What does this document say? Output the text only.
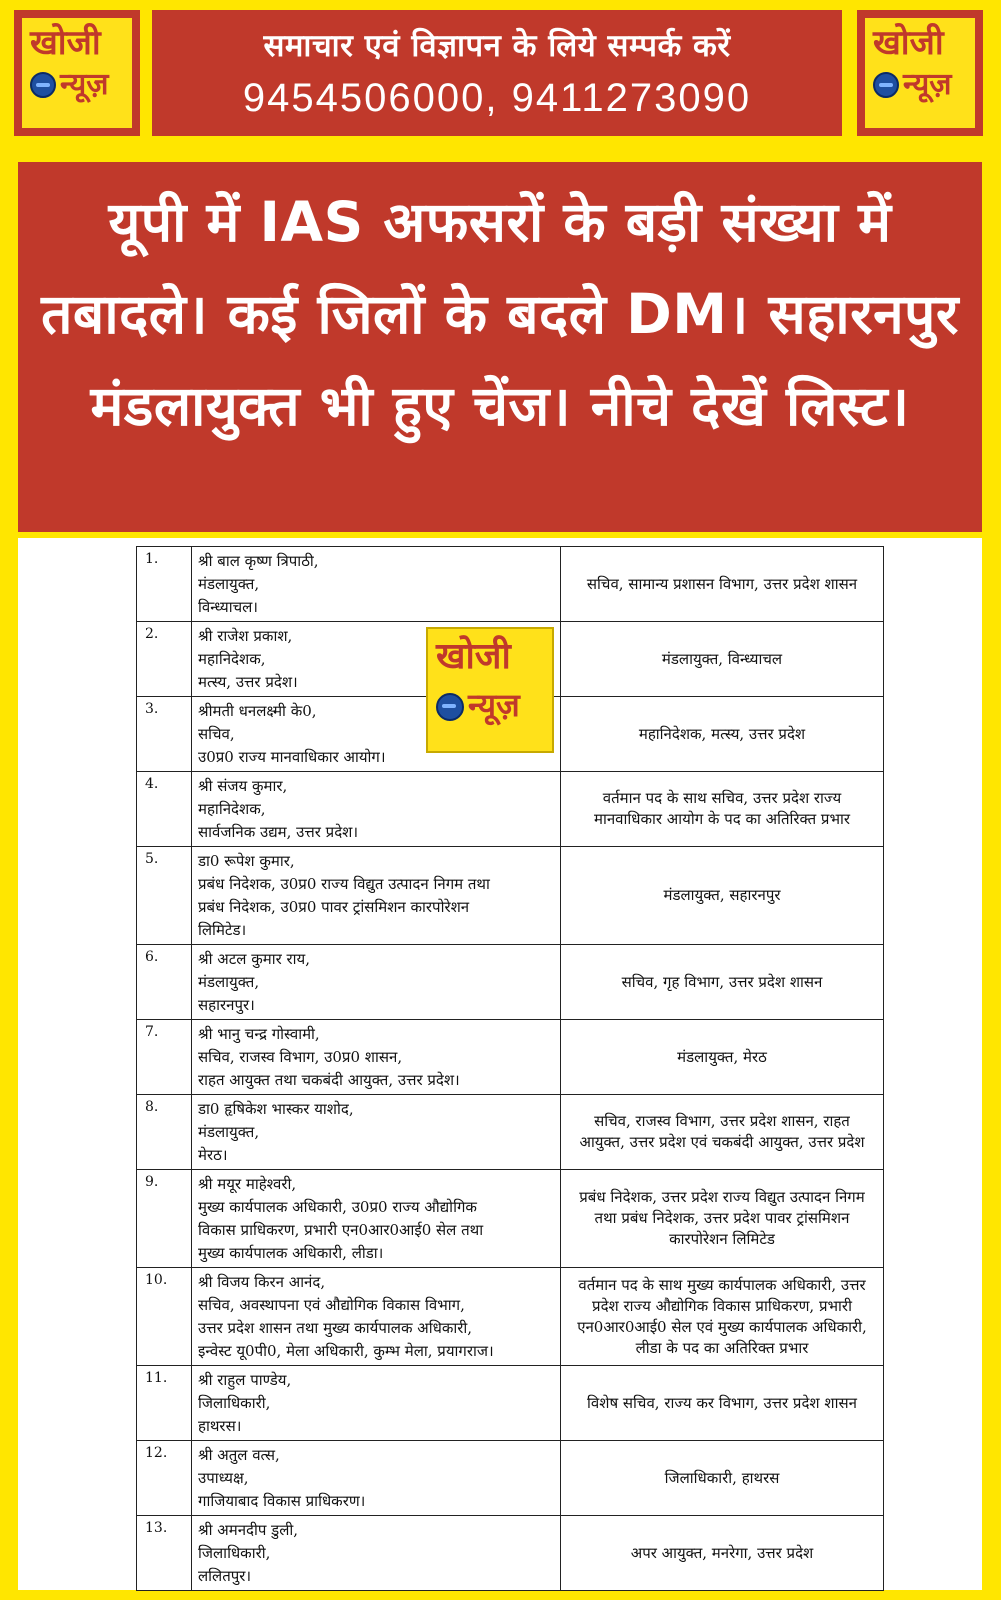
खोजी
न्यूज़
समाचार एवं विज्ञापन के लिये सम्पर्क करें
9454506000, 9411273090
खोजी
न्यूज़
यूपी में IAS अफसरों के बड़ी संख्या में तबादले। कई जिलों के बदले DM। सहारनपुर मंडलायुक्त भी हुए चेंज। नीचे देखें लिस्ट।
1.	श्री बाल कृष्ण त्रिपाठी,
मंडलायुक्त,
विन्ध्याचल।	सचिव, सामान्य प्रशासन विभाग, उत्तर प्रदेश शासन
2.	श्री राजेश प्रकाश,
महानिदेशक,
मत्स्य, उत्तर प्रदेश।	मंडलायुक्त, विन्ध्याचल
3.	श्रीमती धनलक्ष्मी के0,
सचिव,
उ0प्र0 राज्य मानवाधिकार आयोग।	महानिदेशक, मत्स्य, उत्तर प्रदेश
4.	श्री संजय कुमार,
महानिदेशक,
सार्वजनिक उद्यम, उत्तर प्रदेश।	वर्तमान पद के साथ सचिव, उत्तर प्रदेश राज्य मानवाधिकार आयोग के पद का अतिरिक्त प्रभार
5.	डा0 रूपेश कुमार,
प्रबंध निदेशक, उ0प्र0 राज्य विद्युत उत्पादन निगम तथा
प्रबंध निदेशक, उ0प्र0 पावर ट्रांसमिशन कारपोरेशन
लिमिटेड।	मंडलायुक्त, सहारनपुर
6.	श्री अटल कुमार राय,
मंडलायुक्त,
सहारनपुर।	सचिव, गृह विभाग, उत्तर प्रदेश शासन
7.	श्री भानु चन्द्र गोस्वामी,
सचिव, राजस्व विभाग, उ0प्र0 शासन,
राहत आयुक्त तथा चकबंदी आयुक्त, उत्तर प्रदेश।	मंडलायुक्त, मेरठ
8.	डा0 हृषिकेश भास्कर याशोद,
मंडलायुक्त,
मेरठ।	सचिव, राजस्व विभाग, उत्तर प्रदेश शासन, राहत आयुक्त, उत्तर प्रदेश एवं चकबंदी आयुक्त, उत्तर प्रदेश
9.	श्री मयूर माहेश्वरी,
मुख्य कार्यपालक अधिकारी, उ0प्र0 राज्य औद्योगिक
विकास प्राधिकरण, प्रभारी एन0आर0आई0 सेल तथा
मुख्य कार्यपालक अधिकारी, लीडा।	प्रबंध निदेशक, उत्तर प्रदेश राज्य विद्युत उत्पादन निगम तथा प्रबंध निदेशक, उत्तर प्रदेश पावर ट्रांसमिशन कारपोरेशन लिमिटेड
10.	श्री विजय किरन आनंद,
सचिव, अवस्थापना एवं औद्योगिक विकास विभाग,
उत्तर प्रदेश शासन तथा मुख्य कार्यपालक अधिकारी,
इन्वेस्ट यू0पी0, मेला अधिकारी, कुम्भ मेला, प्रयागराज।	वर्तमान पद के साथ मुख्य कार्यपालक अधिकारी, उत्तर प्रदेश राज्य औद्योगिक विकास प्राधिकरण, प्रभारी एन0आर0आई0 सेल एवं मुख्य कार्यपालक अधिकारी, लीडा के पद का अतिरिक्त प्रभार
11.	श्री राहुल पाण्डेय,
जिलाधिकारी,
हाथरस।	विशेष सचिव, राज्य कर विभाग, उत्तर प्रदेश शासन
12.	श्री अतुल वत्स,
उपाध्यक्ष,
गाजियाबाद विकास प्राधिकरण।	जिलाधिकारी, हाथरस
13.	श्री अमनदीप डुली,
जिलाधिकारी,
ललितपुर।	अपर आयुक्त, मनरेगा, उत्तर प्रदेश
खोजी
न्यूज़
